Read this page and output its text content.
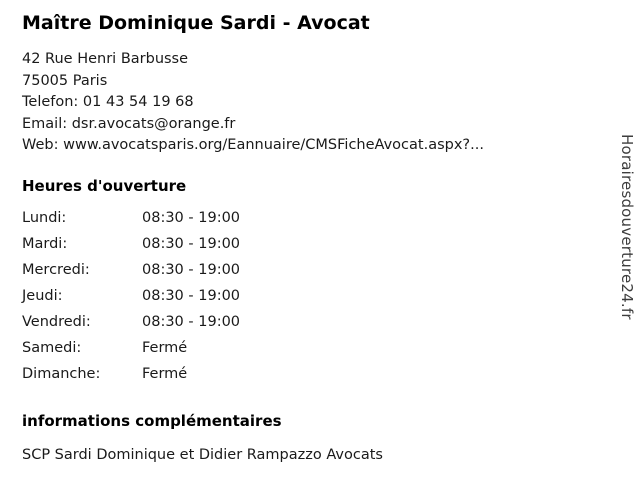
Maître Dominique Sardi - Avocat
42 Rue Henri Barbusse
75005 Paris
Telefon: 01 43 54 19 68
Email: dsr.avocats@orange.fr
Web: www.avocatsparis.org/Eannuaire/CMSFicheAvocat.aspx?...
Heures d'ouverture
Lundi:	08:30 - 19:00
Mardi:	08:30 - 19:00
Mercredi:	08:30 - 19:00
Jeudi:	08:30 - 19:00
Vendredi:	08:30 - 19:00
Samedi:	Fermé
Dimanche:	Fermé
informations complémentaires
SCP Sardi Dominique et Didier Rampazzo Avocats
Horairesdouverture24.fr
